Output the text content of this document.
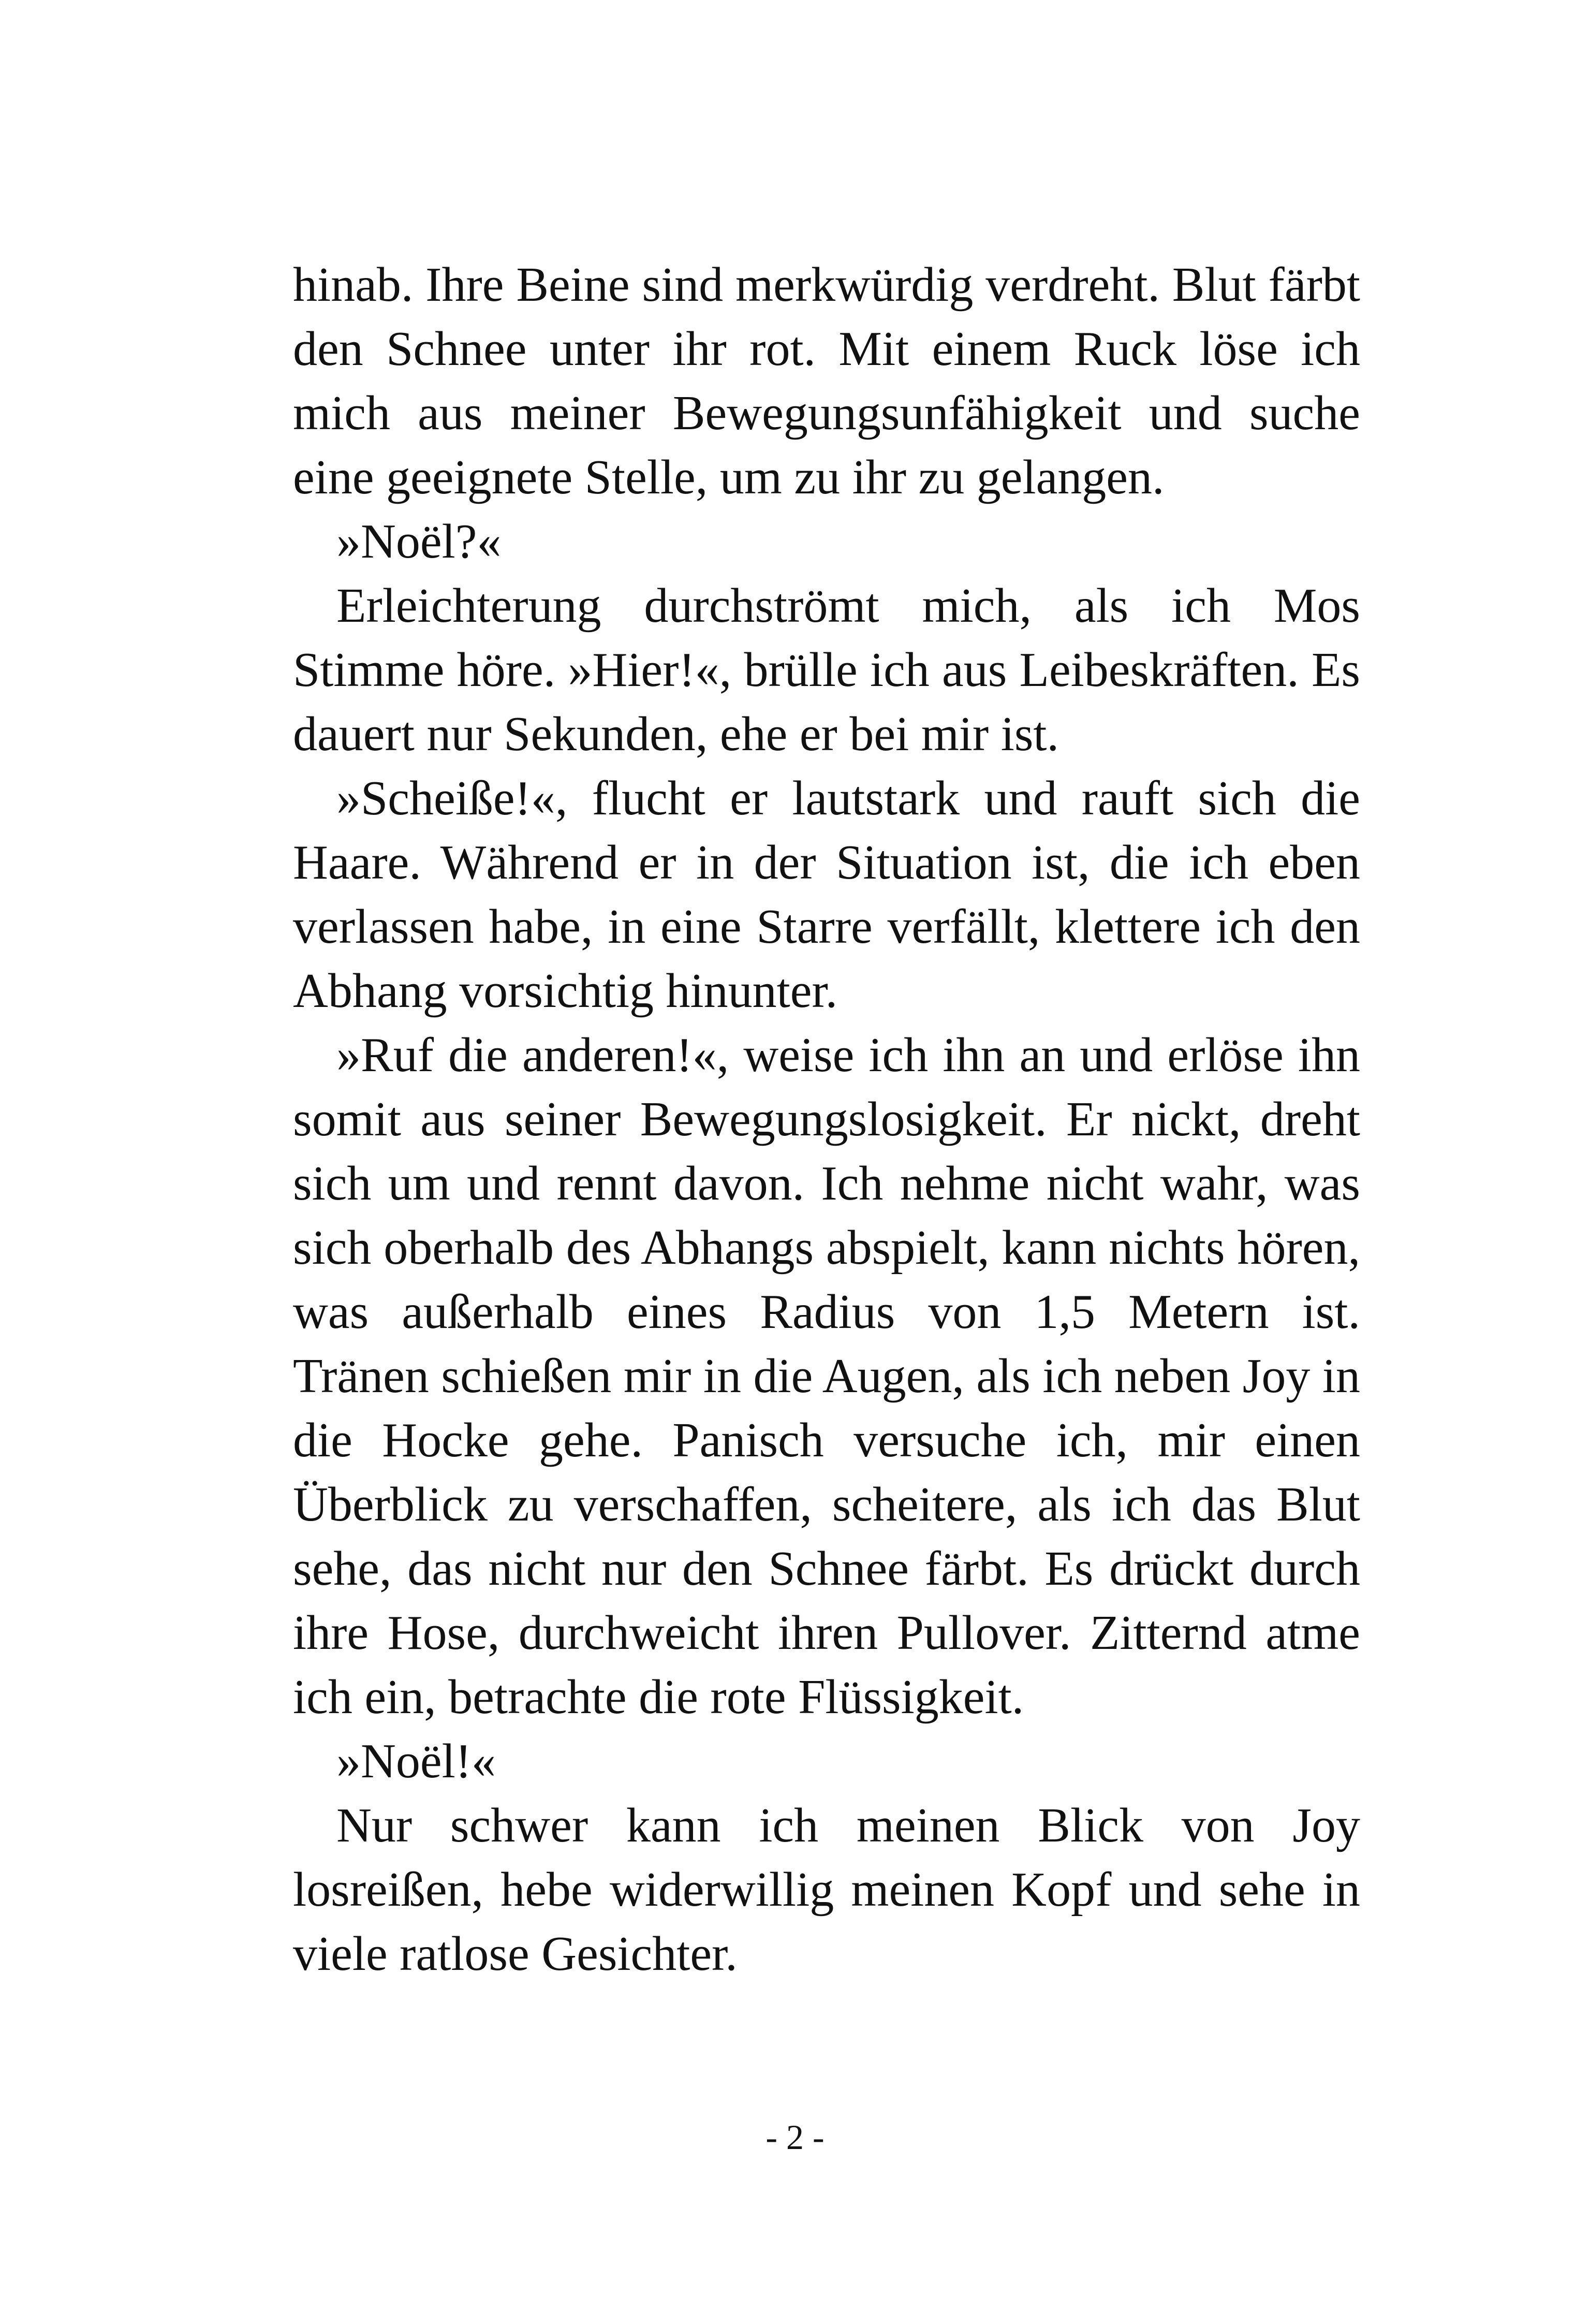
hinab. Ihre Beine sind merkwürdig verdreht. Blut färbt den Schnee unter ihr rot. Mit einem Ruck löse ich mich aus meiner Bewegungsunfähigkeit und suche eine geeignete Stelle, um zu ihr zu gelangen.

»Noël?«

Erleichterung durchströmt mich, als ich Mos Stimme höre. »Hier!«, brülle ich aus Leibeskräften. Es dauert nur Sekunden, ehe er bei mir ist.

»Scheiße!«, flucht er lautstark und rauft sich die Haare. Während er in der Situation ist, die ich eben verlassen habe, in eine Starre verfällt, klettere ich den Abhang vorsichtig hinunter.

»Ruf die anderen!«, weise ich ihn an und erlöse ihn somit aus seiner Bewegungslosigkeit. Er nickt, dreht sich um und rennt davon. Ich nehme nicht wahr, was sich oberhalb des Abhangs abspielt, kann nichts hören, was außerhalb eines Radius von 1,5 Metern ist. Tränen schießen mir in die Augen, als ich neben Joy in die Hocke gehe. Panisch versuche ich, mir einen Überblick zu verschaffen, scheitere, als ich das Blut sehe, das nicht nur den Schnee färbt. Es drückt durch ihre Hose, durchweicht ihren Pullover. Zitternd atme ich ein, betrachte die rote Flüssigkeit.

»Noël!«

Nur schwer kann ich meinen Blick von Joy losreißen, hebe widerwillig meinen Kopf und sehe in viele ratlose Gesichter.

- 2 -
